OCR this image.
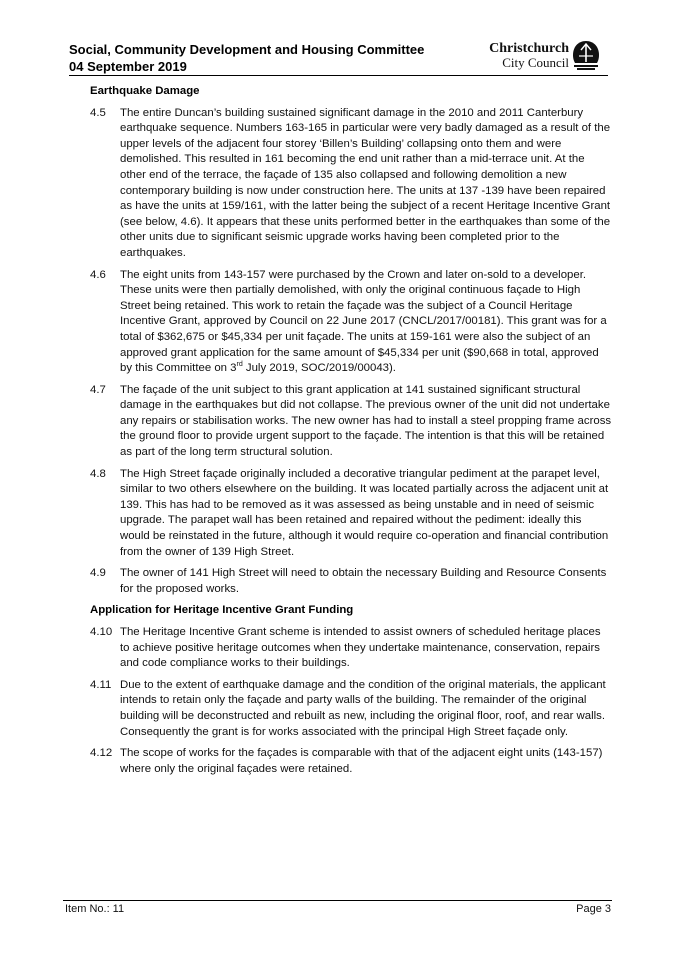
Social, Community Development and Housing Committee
04 September 2019
Christchurch
City Council
Earthquake Damage
4.5	The entire Duncan’s building sustained significant damage in the 2010 and 2011 Canterbury earthquake sequence. Numbers 163-165 in particular were very badly damaged as a result of the upper levels of the adjacent four storey ‘Billen’s Building’ collapsing onto them and were demolished. This resulted in 161 becoming the end unit rather than a mid-terrace unit. At the other end of the terrace, the façade of 135 also collapsed and following demolition a new contemporary building is now under construction here. The units at 137 -139 have been repaired as have the units at 159/161, with the latter being the subject of a recent Heritage Incentive Grant (see below, 4.6). It appears that these units performed better in the earthquakes than some of the other units due to significant seismic upgrade works having been completed prior to the earthquakes.
4.6	The eight units from 143-157 were purchased by the Crown and later on-sold to a developer. These units were then partially demolished, with only the original continuous façade to High Street being retained. This work to retain the façade was the subject of a Council Heritage Incentive Grant, approved by Council on 22 June 2017 (CNCL/2017/00181). This grant was for a total of $362,675 or $45,334 per unit façade. The units at 159-161 were also the subject of an approved grant application for the same amount of $45,334 per unit ($90,668 in total, approved by this Committee on 3rd July 2019, SOC/2019/00043).
4.7	The façade of the unit subject to this grant application at 141 sustained significant structural damage in the earthquakes but did not collapse. The previous owner of the unit did not undertake any repairs or stabilisation works. The new owner has had to install a steel propping frame across the ground floor to provide urgent support to the façade. The intention is that this will be retained as part of the long term structural solution.
4.8	The High Street façade originally included a decorative triangular pediment at the parapet level, similar to two others elsewhere on the building. It was located partially across the adjacent unit at 139. This has had to be removed as it was assessed as being unstable and in need of seismic upgrade. The parapet wall has been retained and repaired without the pediment: ideally this would be reinstated in the future, although it would require co-operation and financial contribution from the owner of 139 High Street.
4.9	The owner of 141 High Street will need to obtain the necessary Building and Resource Consents for the proposed works.
Application for Heritage Incentive Grant Funding
4.10 The Heritage Incentive Grant scheme is intended to assist owners of scheduled heritage places to achieve positive heritage outcomes when they undertake maintenance, conservation, repairs and code compliance works to their buildings.
4.11 Due to the extent of earthquake damage and the condition of the original materials, the applicant intends to retain only the façade and party walls of the building. The remainder of the original building will be deconstructed and rebuilt as new, including the original floor, roof, and rear walls. Consequently the grant is for works associated with the principal High Street façade only.
4.12 The scope of works for the façades is comparable with that of the adjacent eight units (143-157) where only the original façades were retained.
Item No.: 11	Page 3
